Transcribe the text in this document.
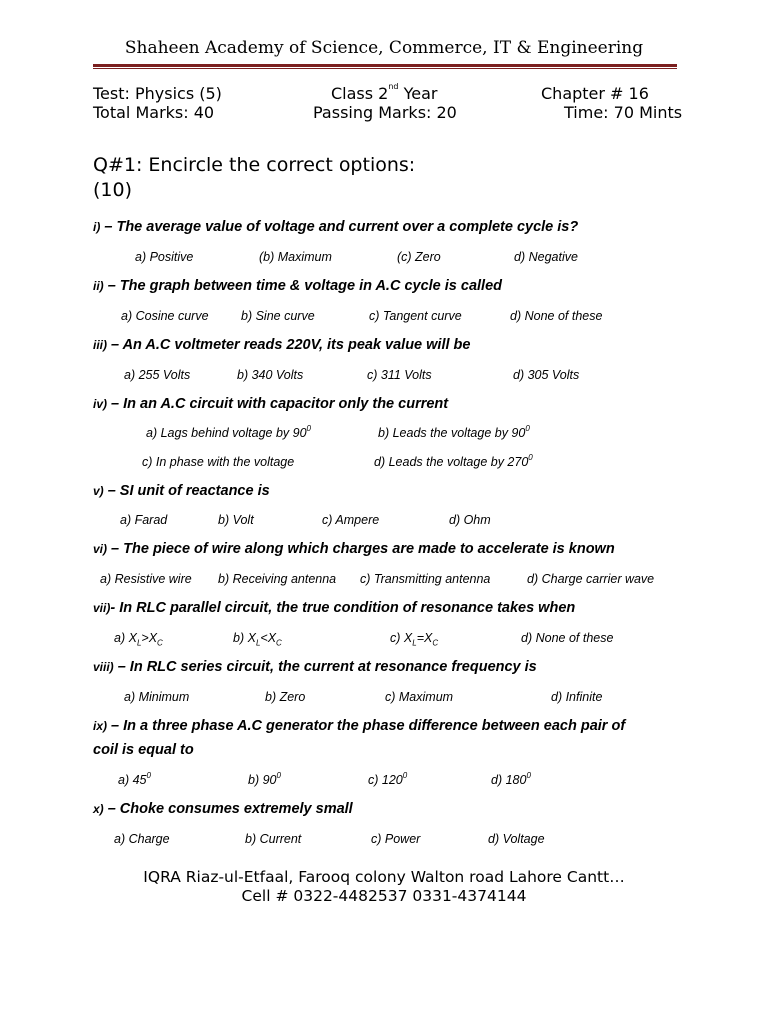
Shaheen Academy of Science, Commerce, IT & Engineering
Test: Physics (5)	Class 2nd Year	Chapter # 16
Total Marks: 40	Passing Marks: 20	Time: 70 Mints
Q#1: Encircle the correct options:
(10)
i) – The average value of voltage and current over a complete cycle is?
a) Positive	(b) Maximum	(c) Zero	d) Negative
ii) – The graph between time & voltage in A.C cycle is called
a) Cosine curve	b) Sine curve	c) Tangent curve	d) None of these
iii) – An A.C voltmeter reads 220V, its peak value will be
a) 255 Volts	b) 340 Volts	c) 311 Volts	d) 305 Volts
iv) – In an A.C circuit with capacitor only the current
a) Lags behind voltage by $90^0$	b) Leads the voltage by $90^0$
c) In phase with the voltage	d) Leads the voltage by $270^0$
v) – SI unit of reactance is
a) Farad	b) Volt	c) Ampere	d) Ohm
vi) – The piece of wire along which charges are made to accelerate is known
a) Resistive wire b) Receiving antenna c) Transmitting antenna	d) Charge carrier wave
vii)- In RLC parallel circuit, the true condition of resonance takes when
a) $X_L>X_C$	b) $X_L<X_C$	c) $X_L=X_C$	d) None of these
viii) – In RLC series circuit, the current at resonance frequency is
a) Minimum	b) Zero	c) Maximum	d) Infinite
ix) – In a three phase A.C generator the phase difference between each pair of
coil is equal to
a) $45^0$	b) $90^0$	c) $120^0$	d) $180^0$
x) – Choke consumes extremely small
a) Charge	b) Current	c) Power	d) Voltage
IQRA Riaz-ul-Etfaal, Farooq colony Walton road Lahore Cantt…
Cell # 0322-4482537 0331-4374144
